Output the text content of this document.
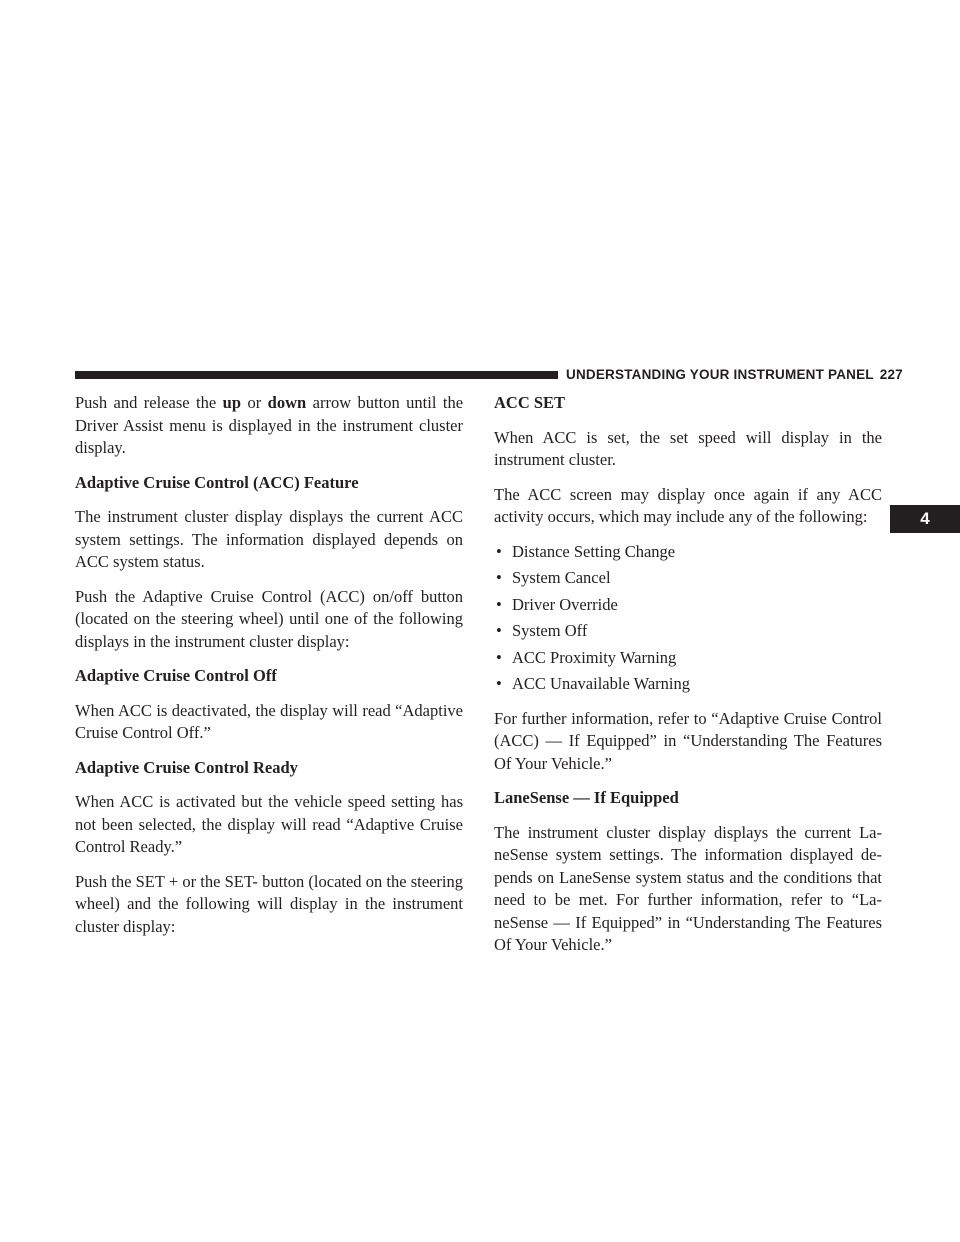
UNDERSTANDING YOUR INSTRUMENT PANEL 227
4

Push and release the up or down arrow button until the Driver Assist menu is displayed in the instrument cluster display.

Adaptive Cruise Control (ACC) Feature

The instrument cluster display displays the current ACC system settings. The information displayed depends on ACC system status.

Push the Adaptive Cruise Control (ACC) on/off button (located on the steering wheel) until one of the following displays in the instrument cluster display:

Adaptive Cruise Control Off

When ACC is deactivated, the display will read “Adaptive Cruise Control Off.”

Adaptive Cruise Control Ready

When ACC is activated but the vehicle speed setting has not been selected, the display will read “Adaptive Cruise Control Ready.”

Push the SET + or the SET- button (located on the steering wheel) and the following will display in the instrument cluster display:

ACC SET

When ACC is set, the set speed will display in the instrument cluster.

The ACC screen may display once again if any ACC activity occurs, which may include any of the following:

• Distance Setting Change
• System Cancel
• Driver Override
• System Off
• ACC Proximity Warning
• ACC Unavailable Warning

For further information, refer to “Adaptive Cruise Control (ACC) — If Equipped” in “Understanding The Features Of Your Vehicle.”

LaneSense — If Equipped

The instrument cluster display displays the current La-neSense system settings. The information displayed de-pends on LaneSense system status and the conditions that need to be met. For further information, refer to “La-neSense — If Equipped” in “Understanding The Features Of Your Vehicle.”
